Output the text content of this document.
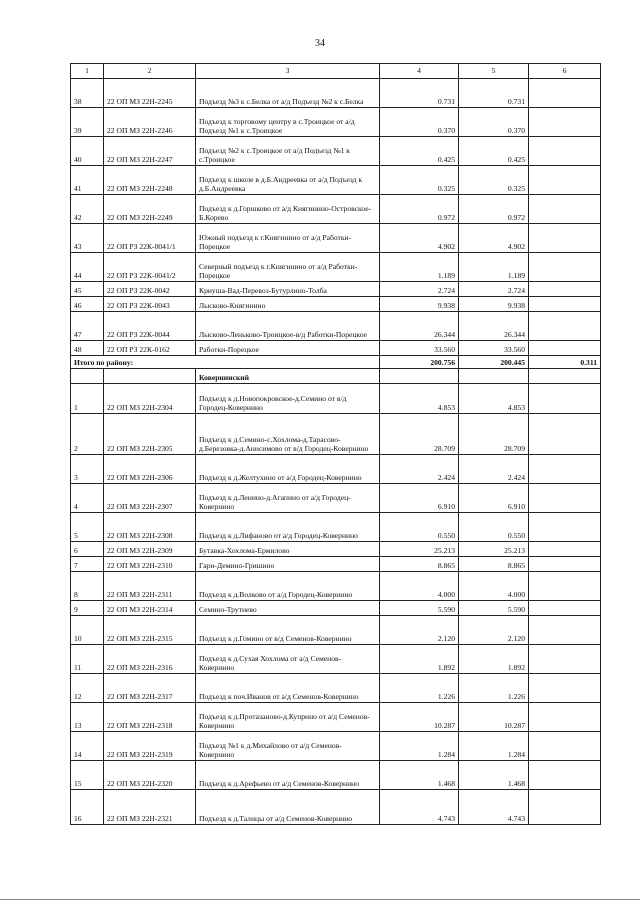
34
1	2	3	4	5	6
38	22 ОП МЗ 22Н-2245	Подъезд №3 к с.Белка от а/д Подъезд №2 к с.Белка	0.731	0.731	
39	22 ОП МЗ 22Н-2246	Подъезд к торговому центру в с.Троицкое от а/д Подъезд №1 к с.Троицкое	0.370	0.370	
40	22 ОП МЗ 22Н-2247	Подъезд №2 к с.Троицкое от а/д Подъезд №1 к с.Троицкое	0.425	0.425	
41	22 ОП МЗ 22Н-2248	Подъезд к школе в д.Б.Андреевка от а/д Подъезд к д.Б.Андреевка	0.325	0.325	
42	22 ОП МЗ 22Н-2249	Подъезд к д.Горшково от а/д Княгинино-Островское-Б.Корево	0.972	0.972	
43	22 ОП РЗ 22К-0041/1	Южный подъезд к г.Княгинино от а/д Работки-Порецкое	4.902	4.902	
44	22 ОП РЗ 22К-0041/2	Северный подъезд к г.Княгинино от а/д Работки-Порецкое	1.189	1.189	
45	22 ОП РЗ 22К-0042	Криуша-Вад-Перевоз-Бутурлино-Толба	2.724	2.724	
46	22 ОП РЗ 22К-0043	Лысково-Княгинино	9.938	9.938	
47	22 ОП РЗ 22К-0044	Лысково-Леньково-Троицкое-в/д Работки-Порецкое	26.344	26.344	
48	22 ОП РЗ 22К-0162	Работки-Порецкое	33.560	33.560	
Итого по району:			200.756	200.445	0.311
		Ковернинский			
1	22 ОП МЗ 22Н-2304	Подъезд к д.Новопокровское-д.Семино от в/д Городец-Ковернино	4.853	4.853	
2	22 ОП МЗ 22Н-2305	Подъезд к д.Семино-с.Хохлома-д.Тарасово-д.Березовка-д.Анисимово от в/д Городец-Ковернино	28.709	28.709	
3	22 ОП МЗ 22Н-2306	Подъезд к д.Желтухино от а/д Городец-Ковернино	2.424	2.424	
4	22 ОП МЗ 22Н-2307	Подъезд к д.Ленино-д.Агапино от а/д Городец-Ковернино	6.910	6.910	
5	22 ОП МЗ 22Н-2308	Подъезд к д.Лифаново от а/д Городец-Ковернино	0.550	0.550	
6	22 ОП МЗ 22Н-2309	Бутавка-Хохлома-Ермилово	25.213	25.213	
7	22 ОП МЗ 22Н-2310	Гари-Демино-Гришино	8.865	8.865	
8	22 ОП МЗ 22Н-2311	Подъезд к д.Волково от а/д Городец-Ковернино	4.000	4.000	
9	22 ОП МЗ 22Н-2314	Семино-Трутнево	5.590	5.590	
10	22 ОП МЗ 22Н-2315	Подъезд к д.Гомино от в/д Семенов-Ковернино	2.120	2.120	
11	22 ОП МЗ 22Н-2316	Подъезд к д.Сухая Хохлома от а/д Семенов-Ковернино	1.892	1.892	
12	22 ОП МЗ 22Н-2317	Подъезд к поч.Иванов от а/д Семенов-Ковернино	1.226	1.226	
13	22 ОП МЗ 22Н-2318	Подъезд к д.Протазаново-д.Куприно от а/д Семенов-Ковернино	10.287	10.287	
14	22 ОП МЗ 22Н-2319	Подъезд №1 к д.Михайлово от а/д Семенов-Ковернино	1.284	1.284	
15	22 ОП МЗ 22Н-2320	Подъезд к д.Арефьево от а/д Семенов-Ковернино	1.468	1.468	
16	22 ОП МЗ 22Н-2321	Подъезд к д.Талицы от а/д Семенов-Ковернино	4.743	4.743	
